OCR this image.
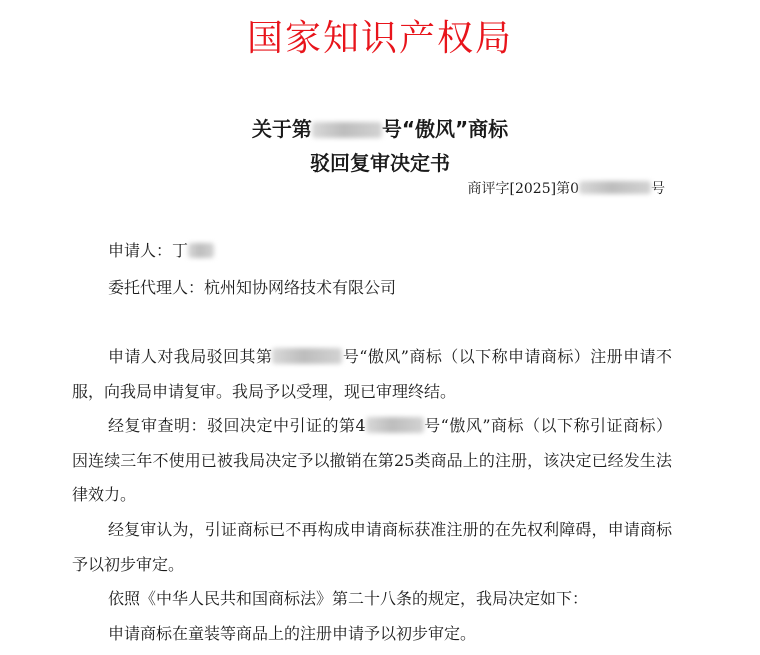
国家知识产权局
关于第	号“傲风”商标
驳回复审决定书
商评字[2025]第0	号
申请人：丁
委托代理人：杭州知协网络技术有限公司

申请人对我局驳回其第	号“傲风”商标（以下称申请商标）注册申请不服，向我局申请复审。我局予以受理，现已审理终结。

经复审查明：驳回决定中引证的第4	号“傲风”商标（以下称引证商标）因连续三年不使用已被我局决定予以撤销在第25类商品上的注册，该决定已经发生法律效力。

经复审认为，引证商标已不再构成申请商标获准注册的在先权利障碍，申请商标予以初步审定。

依照《中华人民共和国商标法》第二十八条的规定，我局决定如下：

申请商标在童装等商品上的注册申请予以初步审定。
